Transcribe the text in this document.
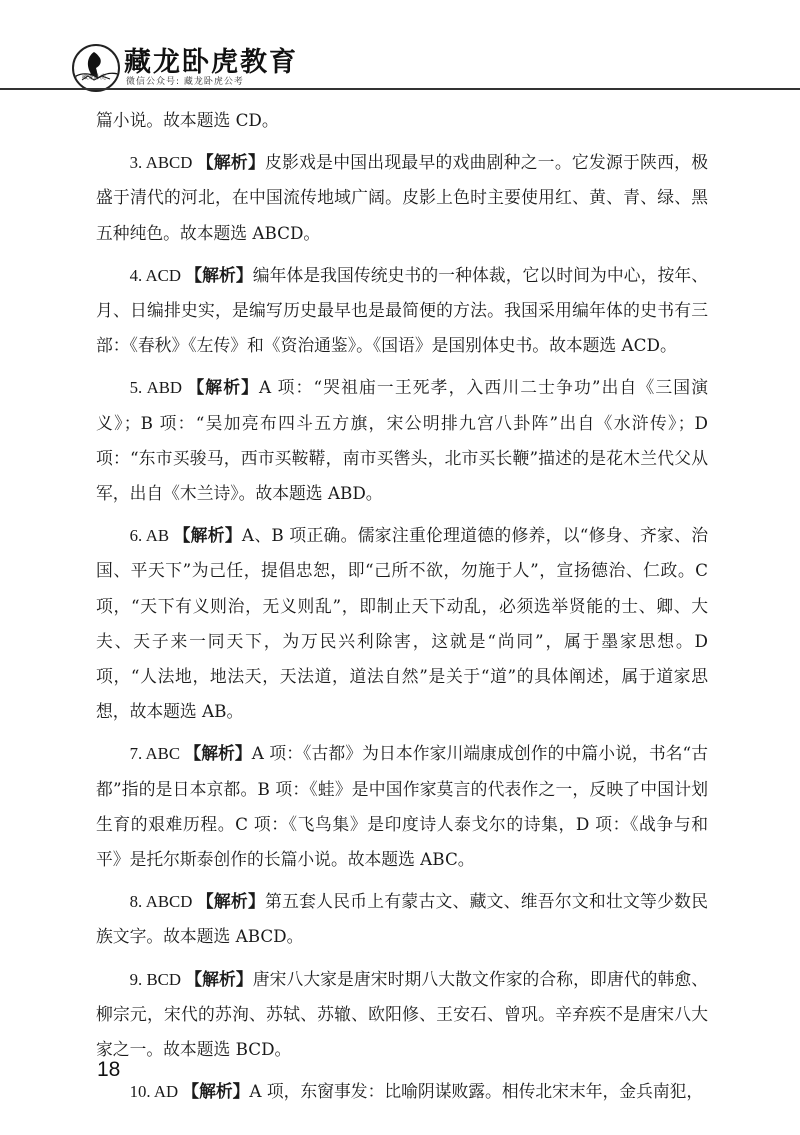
藏龙卧虎 藏龙卧虎教育
微信公众号: 藏龙卧虎公考

篇小说。故本题选 CD。

3. ABCD 【解析】皮影戏是中国出现最早的戏曲剧种之一。它发源于陕西，极盛于清代的河北，在中国流传地域广阔。皮影上色时主要使用红、黄、青、绿、黑五种纯色。故本题选 ABCD。

4. ACD 【解析】编年体是我国传统史书的一种体裁，它以时间为中心，按年、月、日编排史实，是编写历史最早也是最简便的方法。我国采用编年体的史书有三部：《春秋》《左传》和《资治通鉴》。《国语》是国别体史书。故本题选 ACD。

5. ABD 【解析】A 项：“哭祖庙一王死孝，入西川二士争功”出自《三国演义》；B 项：“吴加亮布四斗五方旗，宋公明排九宫八卦阵”出自《水浒传》；D 项：“东市买骏马，西市买鞍鞯，南市买辔头，北市买长鞭”描述的是花木兰代父从军，出自《木兰诗》。故本题选 ABD。

6. AB 【解析】A、B 项正确。儒家注重伦理道德的修养，以“修身、齐家、治国、平天下”为己任，提倡忠恕，即“己所不欲，勿施于人”，宣扬德治、仁政。C 项，“天下有义则治，无义则乱”，即制止天下动乱，必须选举贤能的士、卿、大夫、天子来一同天下，为万民兴利除害，这就是“尚同”，属于墨家思想。D 项，“人法地，地法天，天法道，道法自然”是关于“道”的具体阐述，属于道家思想，故本题选 AB。

7. ABC 【解析】A 项：《古都》为日本作家川端康成创作的中篇小说，书名“古都”指的是日本京都。B 项：《蛙》是中国作家莫言的代表作之一，反映了中国计划生育的艰难历程。C 项：《飞鸟集》是印度诗人泰戈尔的诗集，D 项：《战争与和平》是托尔斯泰创作的长篇小说。故本题选 ABC。

8. ABCD 【解析】第五套人民币上有蒙古文、藏文、维吾尔文和壮文等少数民族文字。故本题选 ABCD。

9. BCD 【解析】唐宋八大家是唐宋时期八大散文作家的合称，即唐代的韩愈、柳宗元，宋代的苏洵、苏轼、苏辙、欧阳修、王安石、曾巩。辛弃疾不是唐宋八大家之一。故本题选 BCD。

10. AD 【解析】A 项，东窗事发：比喻阴谋败露。相传北宋末年，金兵南犯，

18
